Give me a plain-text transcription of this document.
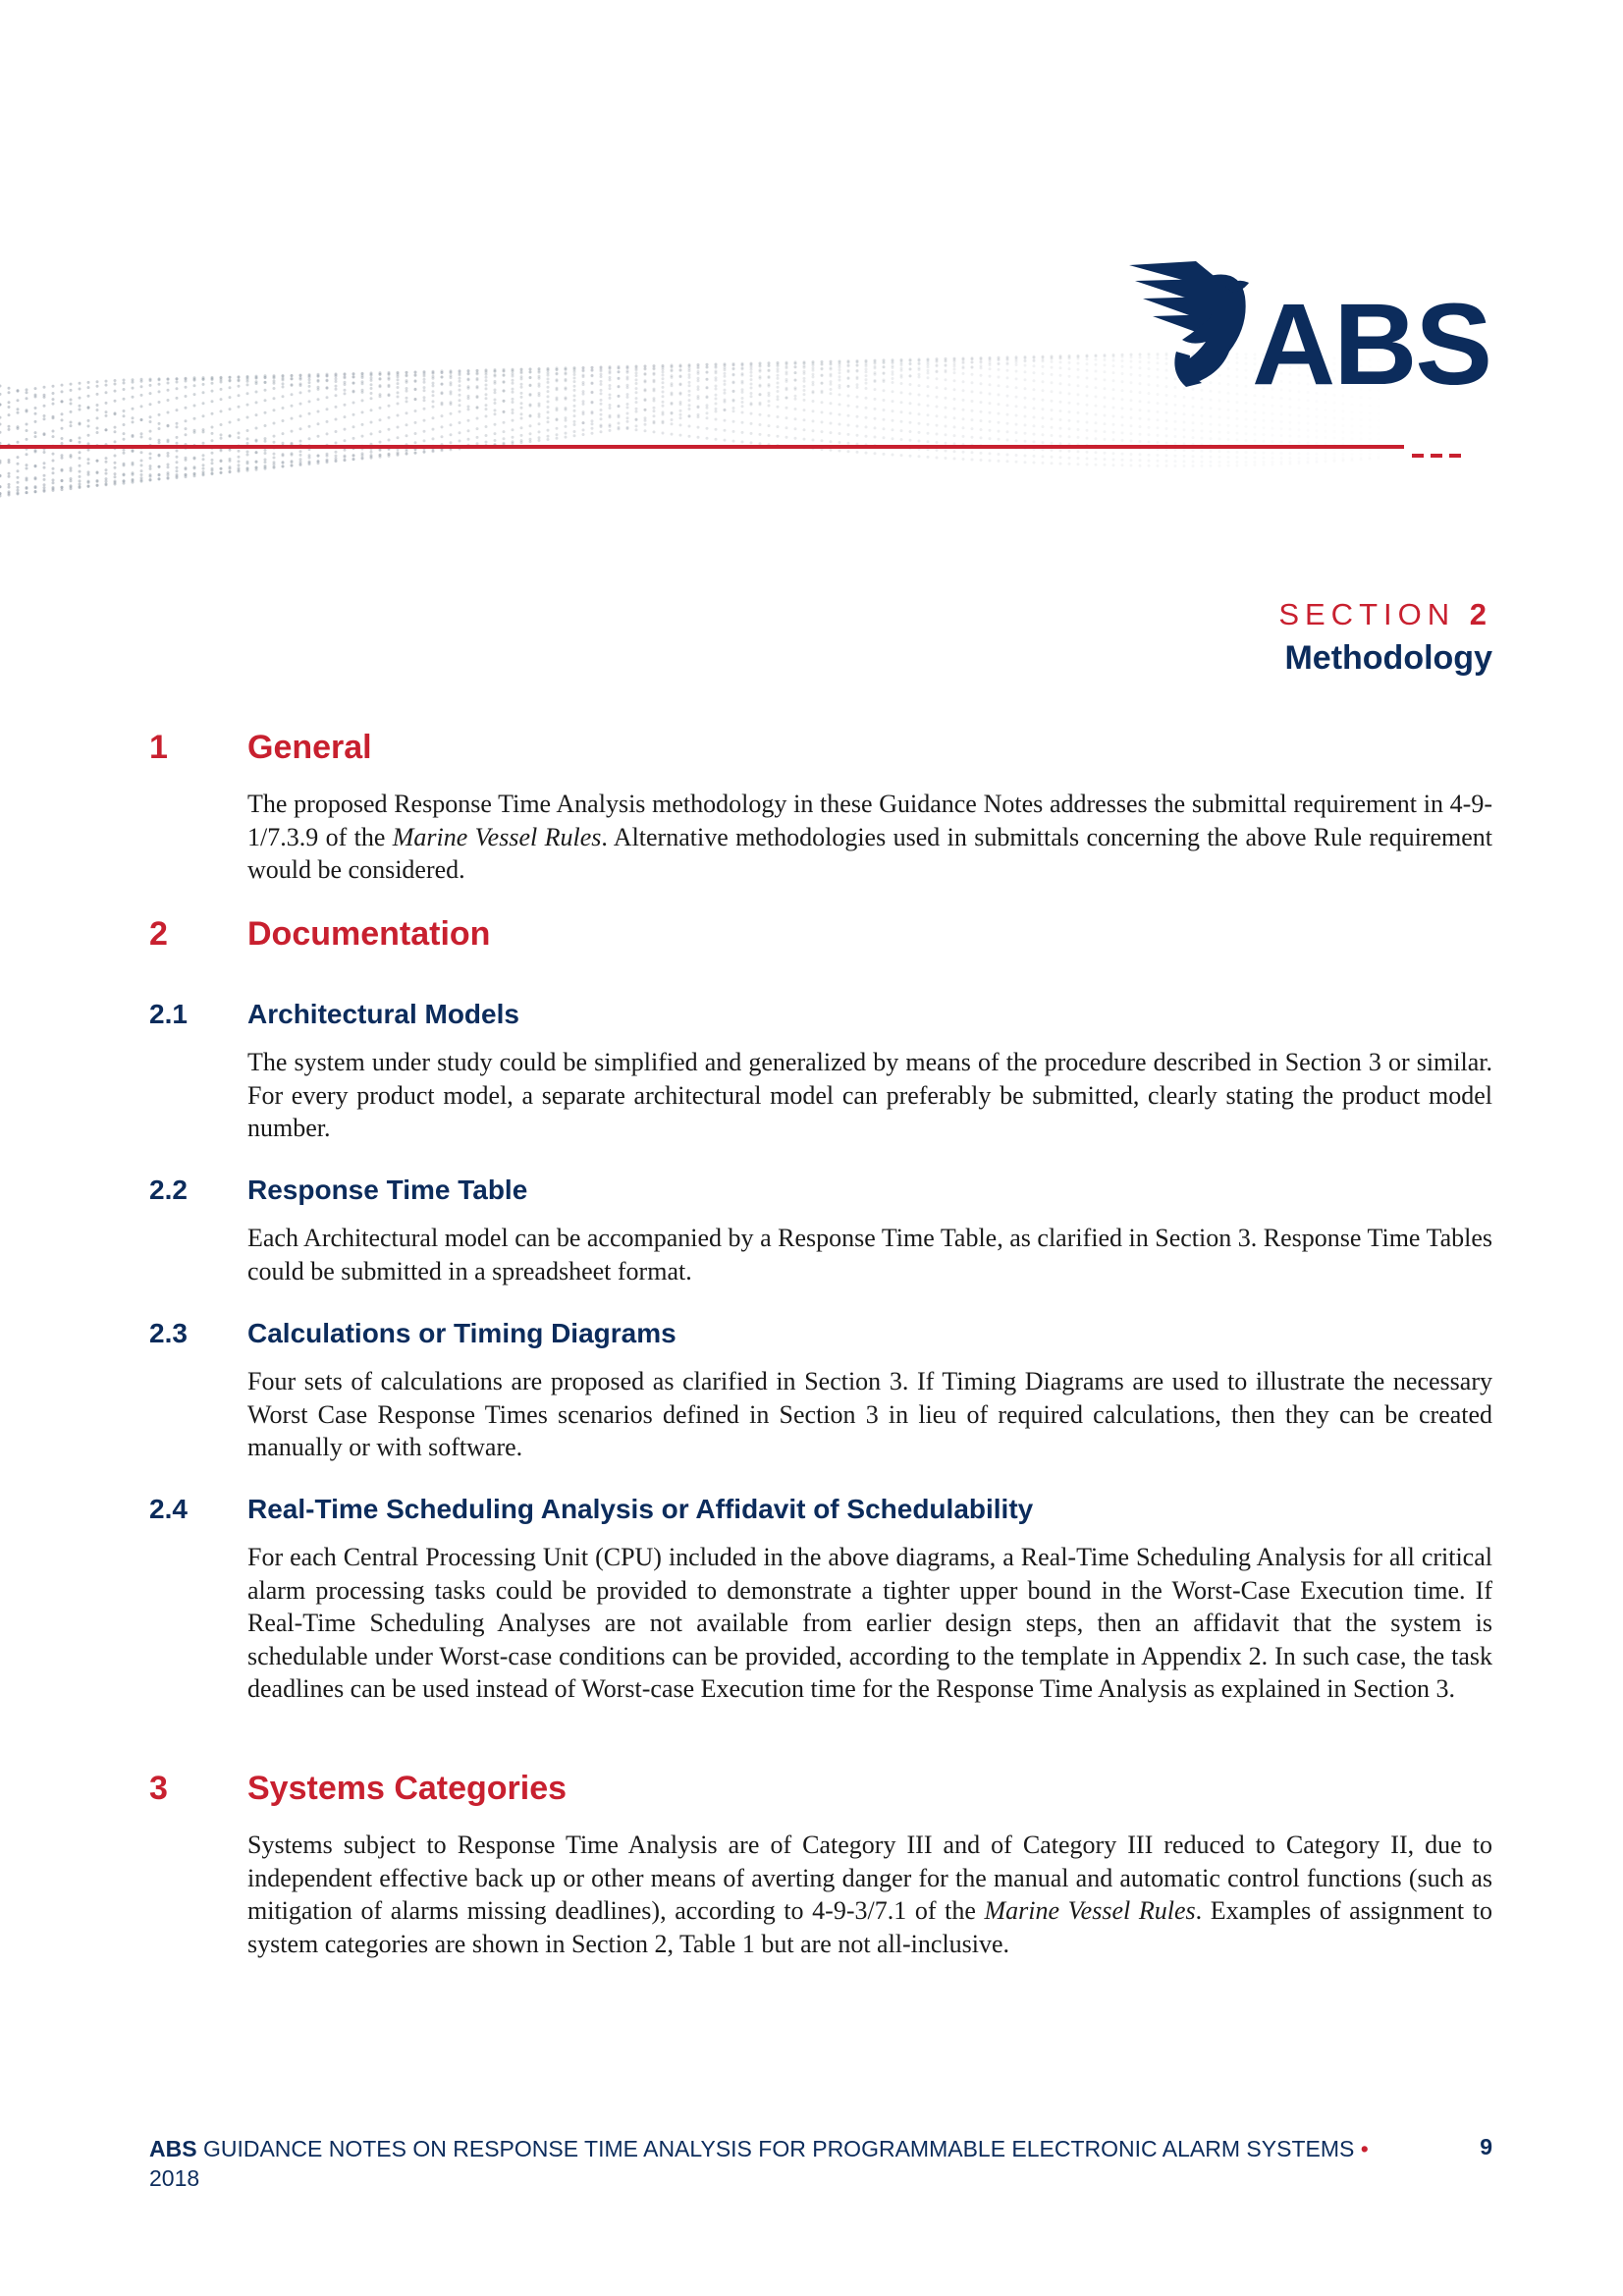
ABS
SECTION 2
Methodology
1 General
The proposed Response Time Analysis methodology in these Guidance Notes addresses the submittal requirement in 4-9-1/7.3.9 of the Marine Vessel Rules. Alternative methodologies used in submittals concerning the above Rule requirement would be considered.
2 Documentation
2.1 Architectural Models
The system under study could be simplified and generalized by means of the procedure described in Section 3 or similar. For every product model, a separate architectural model can preferably be submitted, clearly stating the product model number.
2.2 Response Time Table
Each Architectural model can be accompanied by a Response Time Table, as clarified in Section 3. Response Time Tables could be submitted in a spreadsheet format.
2.3 Calculations or Timing Diagrams
Four sets of calculations are proposed as clarified in Section 3. If Timing Diagrams are used to illustrate the necessary Worst Case Response Times scenarios defined in Section 3 in lieu of required calculations, then they can be created manually or with software.
2.4 Real-Time Scheduling Analysis or Affidavit of Schedulability
For each Central Processing Unit (CPU) included in the above diagrams, a Real-Time Scheduling Analysis for all critical alarm processing tasks could be provided to demonstrate a tighter upper bound in the Worst-Case Execution time. If Real-Time Scheduling Analyses are not available from earlier design steps, then an affidavit that the system is schedulable under Worst-case conditions can be provided, according to the template in Appendix 2. In such case, the task deadlines can be used instead of Worst-case Execution time for the Response Time Analysis as explained in Section 3.
3 Systems Categories
Systems subject to Response Time Analysis are of Category III and of Category III reduced to Category II, due to independent effective back up or other means of averting danger for the manual and automatic control functions (such as mitigation of alarms missing deadlines), according to 4-9-3/7.1 of the Marine Vessel Rules. Examples of assignment to system categories are shown in Section 2, Table 1 but are not all-inclusive.
ABS GUIDANCE NOTES ON RESPONSE TIME ANALYSIS FOR PROGRAMMABLE ELECTRONIC ALARM SYSTEMS • 2018
9
